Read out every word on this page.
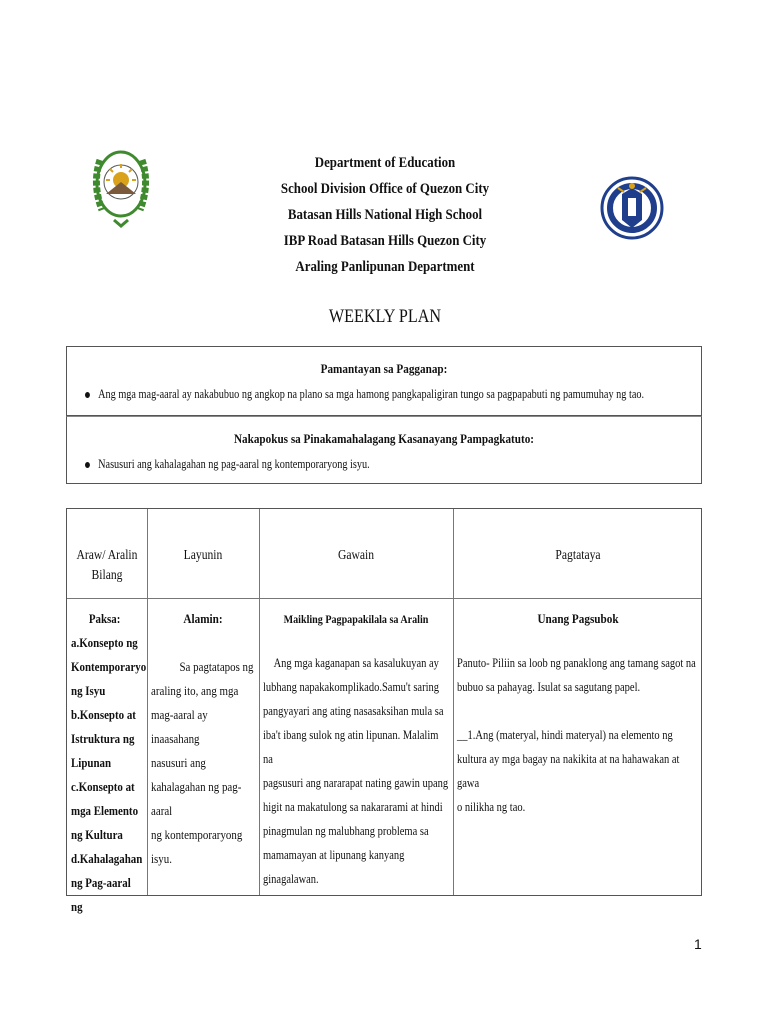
Department of Education
School Division Office of Quezon City
Batasan Hills National High School
IBP Road Batasan Hills Quezon City
Araling Panlipunan Department
WEEKLY PLAN
Pamantayan sa Pagganap:
Ang mga mag-aaral ay nakabubuo ng angkop na plano sa mga hamong pangkapaligiran tungo sa pagpapabuti ng pamumuhay ng tao.
Nakapokus sa Pinakamahalagang Kasanayang Pampagkatuto:
Nasusuri ang kahalagahan ng pag-aaral ng kontemporaryong isyu.
Araw/ Aralin Bilang
Layunin	Gawain	Pagtataya
Paksa:
a.Konsepto ng
Kontemporaryo
ng Isyu
b.Konsepto at
Istruktura ng
Lipunan
c.Konsepto at
mga Elemento
ng Kultura
d.Kahalagahan
ng Pag-aaral ng
Alamin:
Sa pagtatapos ng
araling ito, ang mga
mag-aaral ay inaasahang
nasusuri ang
kahalagahan ng pag-aaral
ng kontemporaryong
isyu.
Maikling Pagpapakilala sa Aralin
Ang mga kaganapan sa kasalukuyan ay
lubhang napakakomplikado.Samu't saring
pangyayari ang ating nasasaksihan mula sa
iba't ibang sulok ng atin lipunan. Malalim na
pagsusuri ang nararapat nating gawin upang
higit na makatulong sa nakararami at hindi
pinagmulan ng malubhang problema sa
mamamayan at lipunang kanyang
ginagalawan.
Unang Pagsubok
Panuto- Piliin sa loob ng panaklong ang tamang sagot na
bubuo sa pahayag. Isulat sa sagutang papel.
__1.Ang (materyal, hindi materyal) na elemento ng
kultura ay mga bagay na nakikita at na hahawakan at gawa
o nilikha ng tao.
1
